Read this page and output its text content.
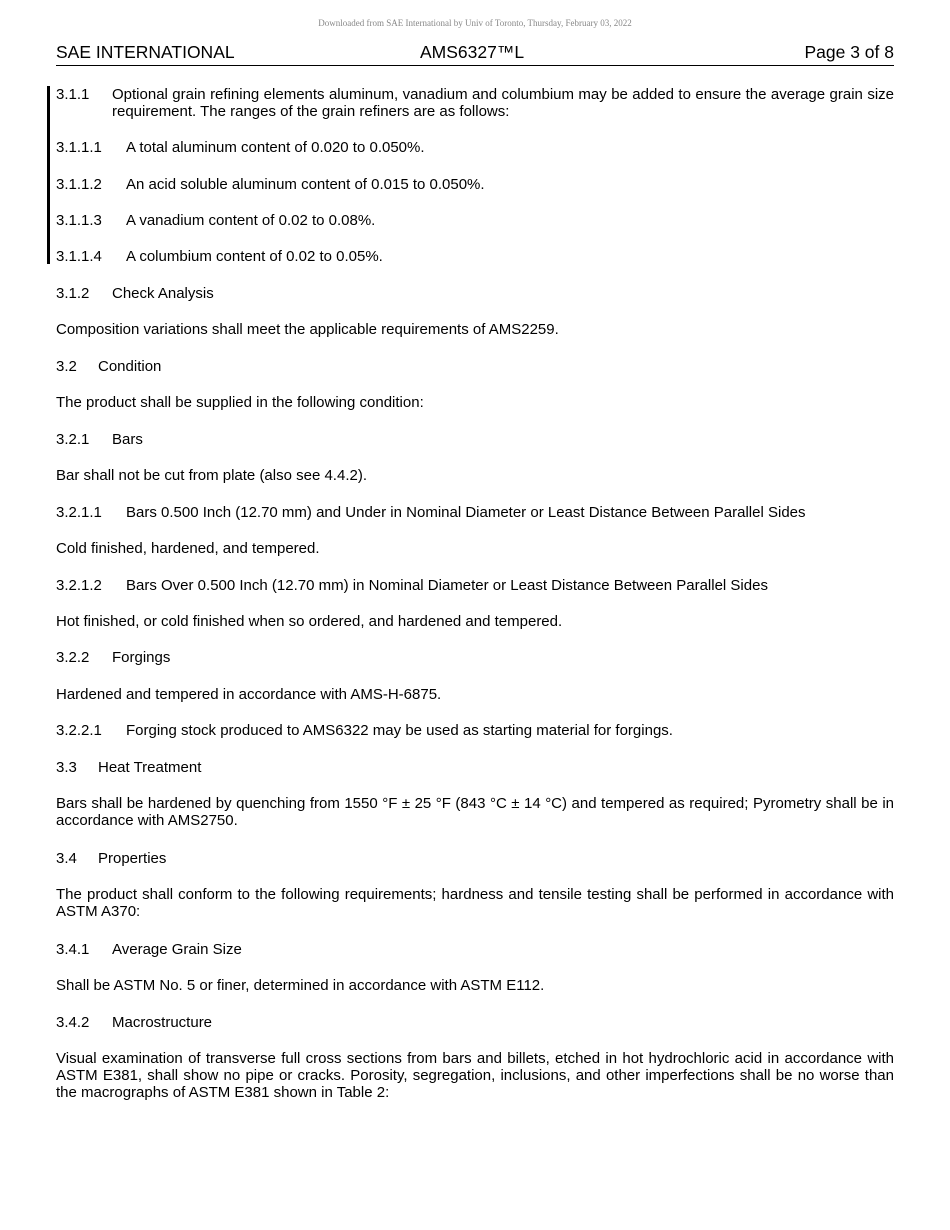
Downloaded from SAE International by Univ of Toronto, Thursday, February 03, 2022
SAE INTERNATIONAL	AMS6327™L	Page 3 of 8
3.1.1 Optional grain refining elements aluminum, vanadium and columbium may be added to ensure the average grain size requirement. The ranges of the grain refiners are as follows:
3.1.1.1 A total aluminum content of 0.020 to 0.050%.
3.1.1.2 An acid soluble aluminum content of 0.015 to 0.050%.
3.1.1.3 A vanadium content of 0.02 to 0.08%.
3.1.1.4 A columbium content of 0.02 to 0.05%.
3.1.2 Check Analysis
Composition variations shall meet the applicable requirements of AMS2259.
3.2 Condition
The product shall be supplied in the following condition:
3.2.1 Bars
Bar shall not be cut from plate (also see 4.4.2).
3.2.1.1 Bars 0.500 Inch (12.70 mm) and Under in Nominal Diameter or Least Distance Between Parallel Sides
Cold finished, hardened, and tempered.
3.2.1.2 Bars Over 0.500 Inch (12.70 mm) in Nominal Diameter or Least Distance Between Parallel Sides
Hot finished, or cold finished when so ordered, and hardened and tempered.
3.2.2 Forgings
Hardened and tempered in accordance with AMS-H-6875.
3.2.2.1 Forging stock produced to AMS6322 may be used as starting material for forgings.
3.3 Heat Treatment
Bars shall be hardened by quenching from 1550 °F ± 25 °F (843 °C ± 14 °C) and tempered as required; Pyrometry shall be in accordance with AMS2750.
3.4 Properties
The product shall conform to the following requirements; hardness and tensile testing shall be performed in accordance with ASTM A370:
3.4.1 Average Grain Size
Shall be ASTM No. 5 or finer, determined in accordance with ASTM E112.
3.4.2 Macrostructure
Visual examination of transverse full cross sections from bars and billets, etched in hot hydrochloric acid in accordance with ASTM E381, shall show no pipe or cracks. Porosity, segregation, inclusions, and other imperfections shall be no worse than the macrographs of ASTM E381 shown in Table 2:
